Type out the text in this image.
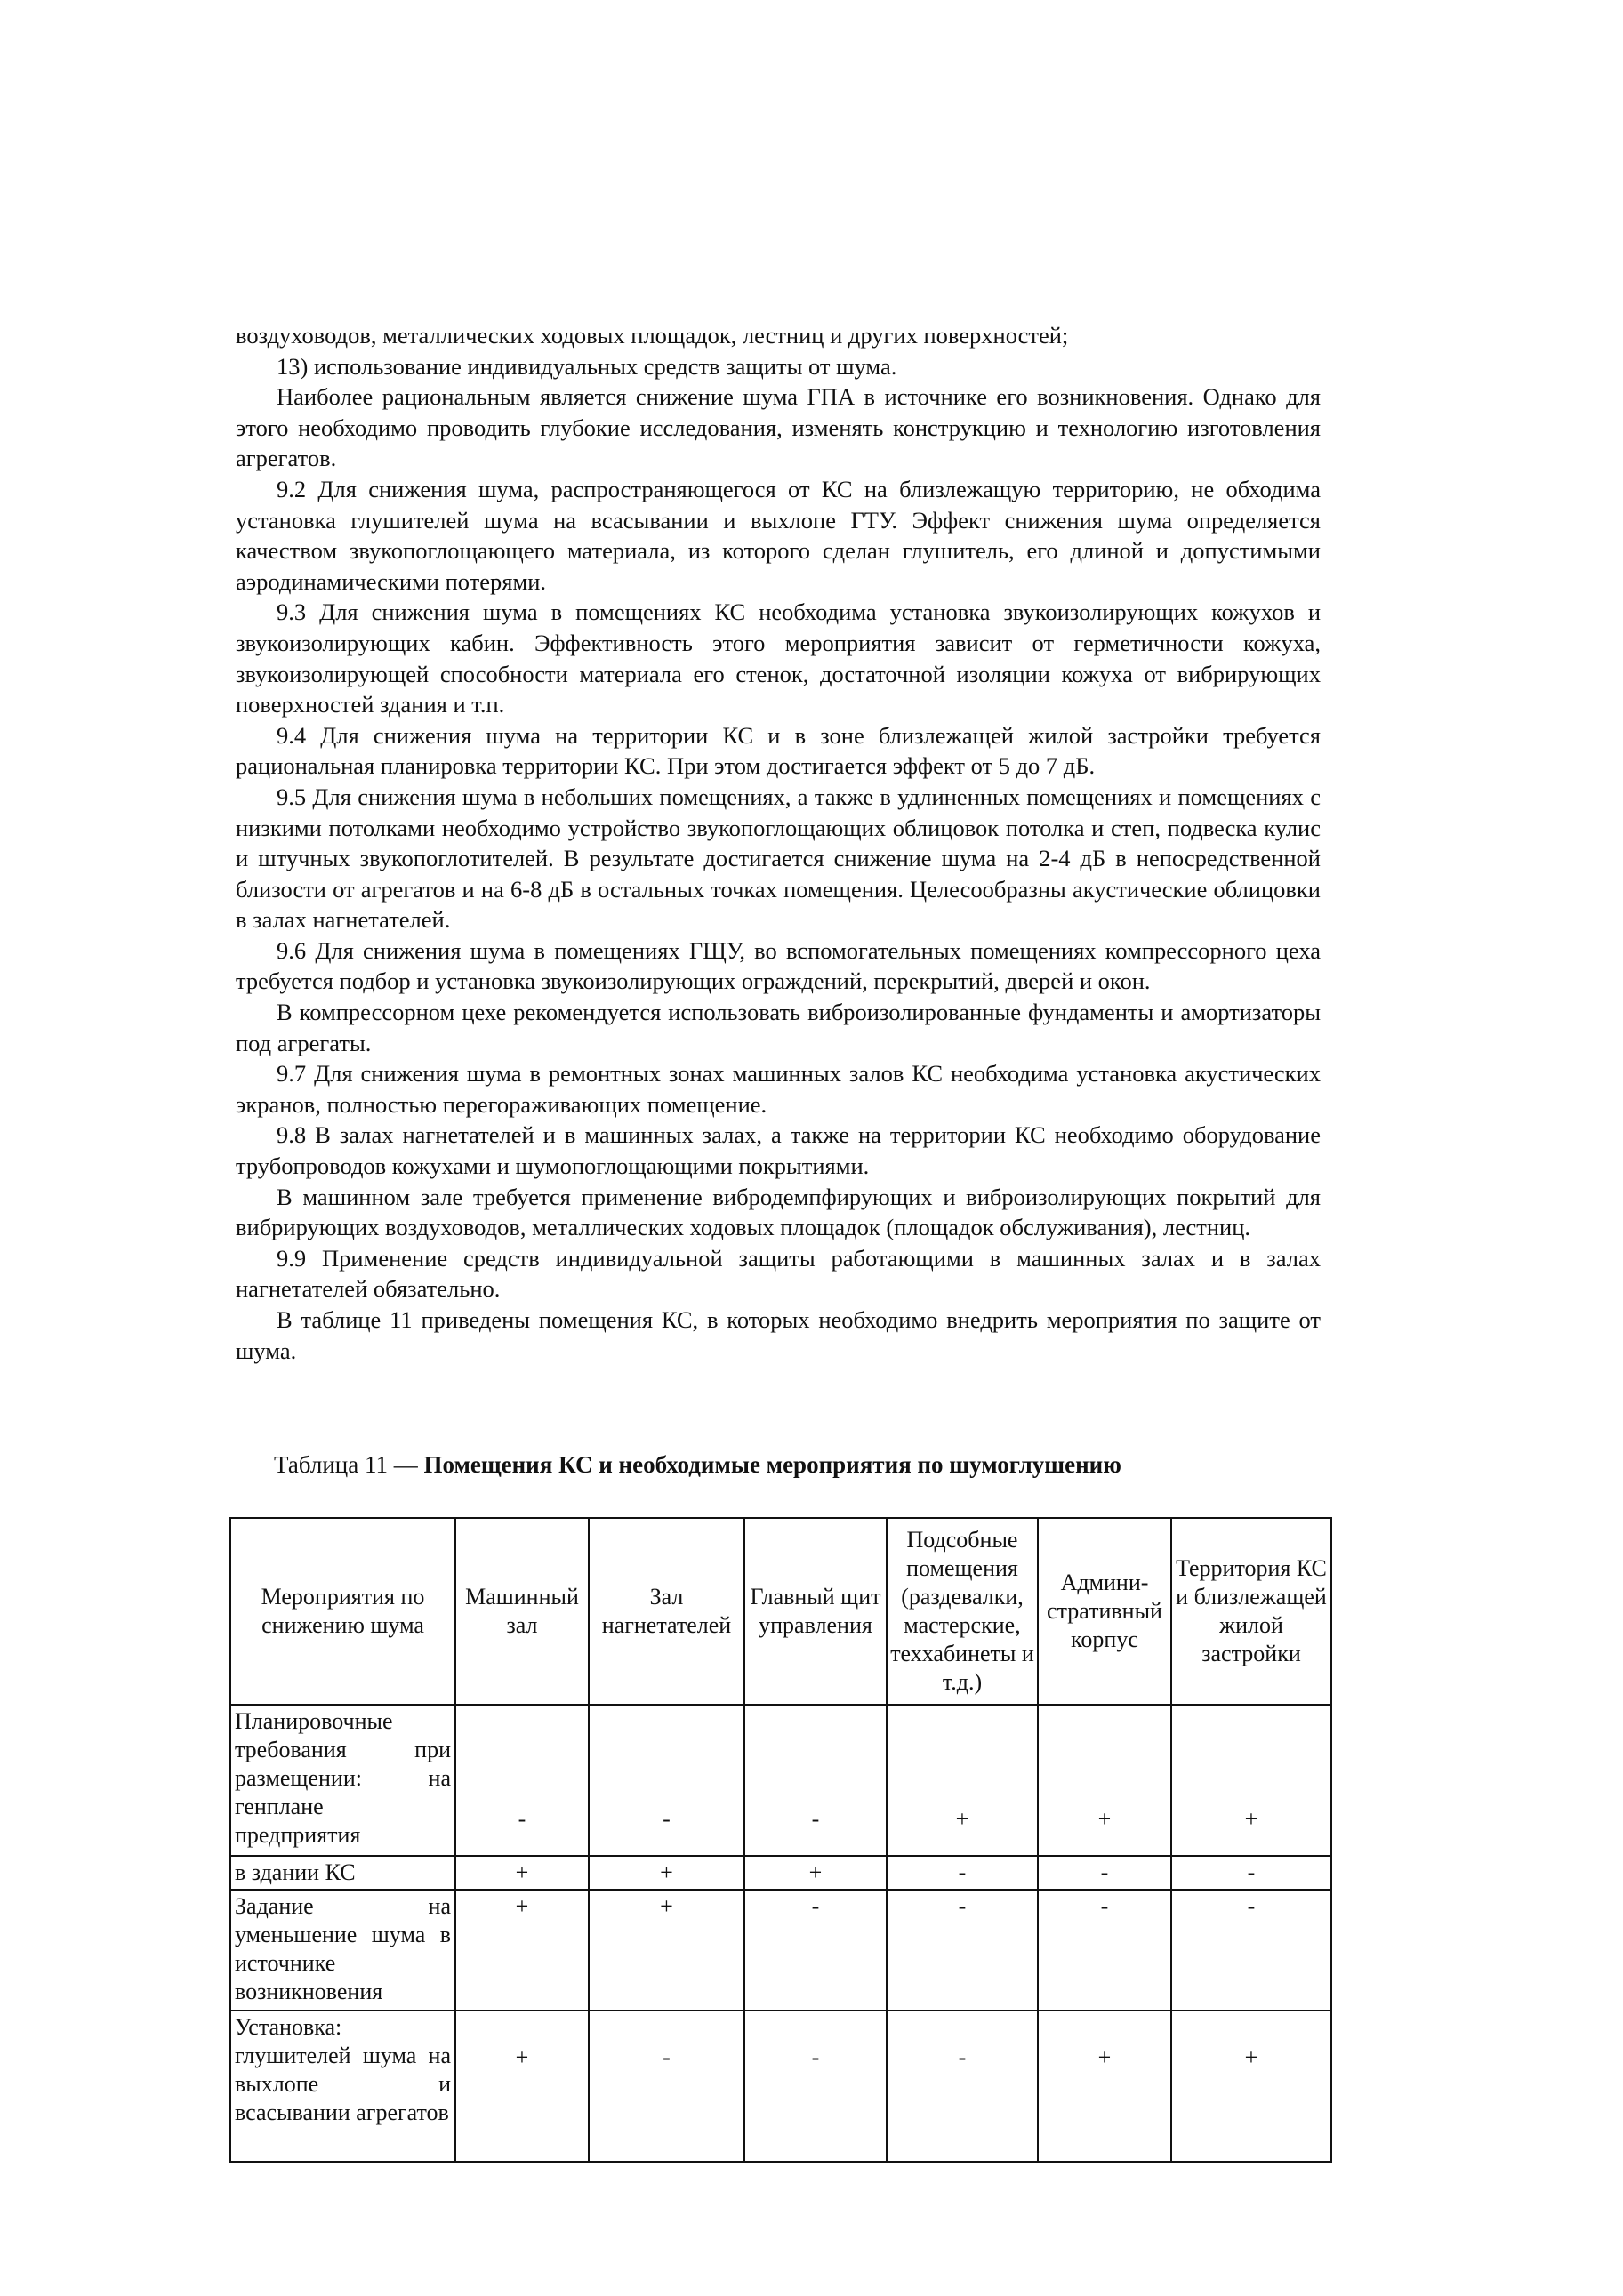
воздуховодов, металлических ходовых площадок, лестниц и других поверхностей;

13) использование индивидуальных средств защиты от шума.

Наиболее рациональным является снижение шума ГПА в источнике его возникновения. Однако для этого необходимо проводить глубокие исследования, изменять конструкцию и технологию изготовления агрегатов.

9.2 Для снижения шума, распространяющегося от КС на близлежащую территорию, не обходима установка глушителей шума на всасывании и выхлопе ГТУ. Эффект снижения шума определяется качеством звукопоглощающего материала, из которого сделан глушитель, его длиной и допустимыми аэродинамическими потерями.

9.3 Для снижения шума в помещениях КС необходима установка звукоизолирующих кожухов и звукоизолирующих кабин. Эффективность этого мероприятия зависит от герметичности кожуха, звукоизолирующей способности материала его стенок, достаточной изоляции кожуха от вибрирующих поверхностей здания и т.п.

9.4 Для снижения шума на территории КС и в зоне близлежащей жилой застройки требуется рациональная планировка территории КС. При этом достигается эффект от 5 до 7 дБ.

9.5 Для снижения шума в небольших помещениях, а также в удлиненных помещениях и помещениях с низкими потолками необходимо устройство звукопоглощающих облицовок потолка и степ, подвеска кулис и штучных звукопоглотителей. В результате достигается снижение шума на 2-4 дБ в непосредственной близости от агрегатов и на 6-8 дБ в остальных точках помещения. Целесообразны акустические облицовки в залах нагнетателей.

9.6 Для снижения шума в помещениях ГЩУ, во вспомогательных помещениях компрессорного цеха требуется подбор и установка звукоизолирующих ограждений, перекрытий, дверей и окон.

В компрессорном цехе рекомендуется использовать виброизолированные фундаменты и амортизаторы под агрегаты.

9.7 Для снижения шума в ремонтных зонах машинных залов КС необходима установка акустических экранов, полностью перегораживающих помещение.

9.8 В залах нагнетателей и в машинных залах, а также на территории КС необходимо оборудование трубопроводов кожухами и шумопоглощающими покрытиями.

В машинном зале требуется применение вибродемпфирующих и виброизолирующих покрытий для вибрирующих воздуховодов, металлических ходовых площадок (площадок обслуживания), лестниц.

9.9 Применение средств индивидуальной защиты работающими в машинных залах и в залах нагнетателей обязательно.

В таблице 11 приведены помещения КС, в которых необходимо внедрить мероприятия по защите от шума.

Таблица 11 — Помещения КС и необходимые мероприятия по шумоглушению
Мероприятия по снижению шума	Машинный зал	Зал нагнетателей	Главный щит управления	Подсобные помещения (раздевалки, мастерские, теххабинеты и т.д.)	Админи-стративный корпус	Территория КС и близлежащей жилой застройки
Планировочные требования при размещении: на генплане предприятия	-	-	-	+	+	+
в здании КС	+	+	+	-	-	-
Задание на уменьшение шума в источнике возникновения	+	+	-	-	-	-
Установка: глушителей шума на выхлопе и всасывании агрегатов	+	-	-	-	+	+
